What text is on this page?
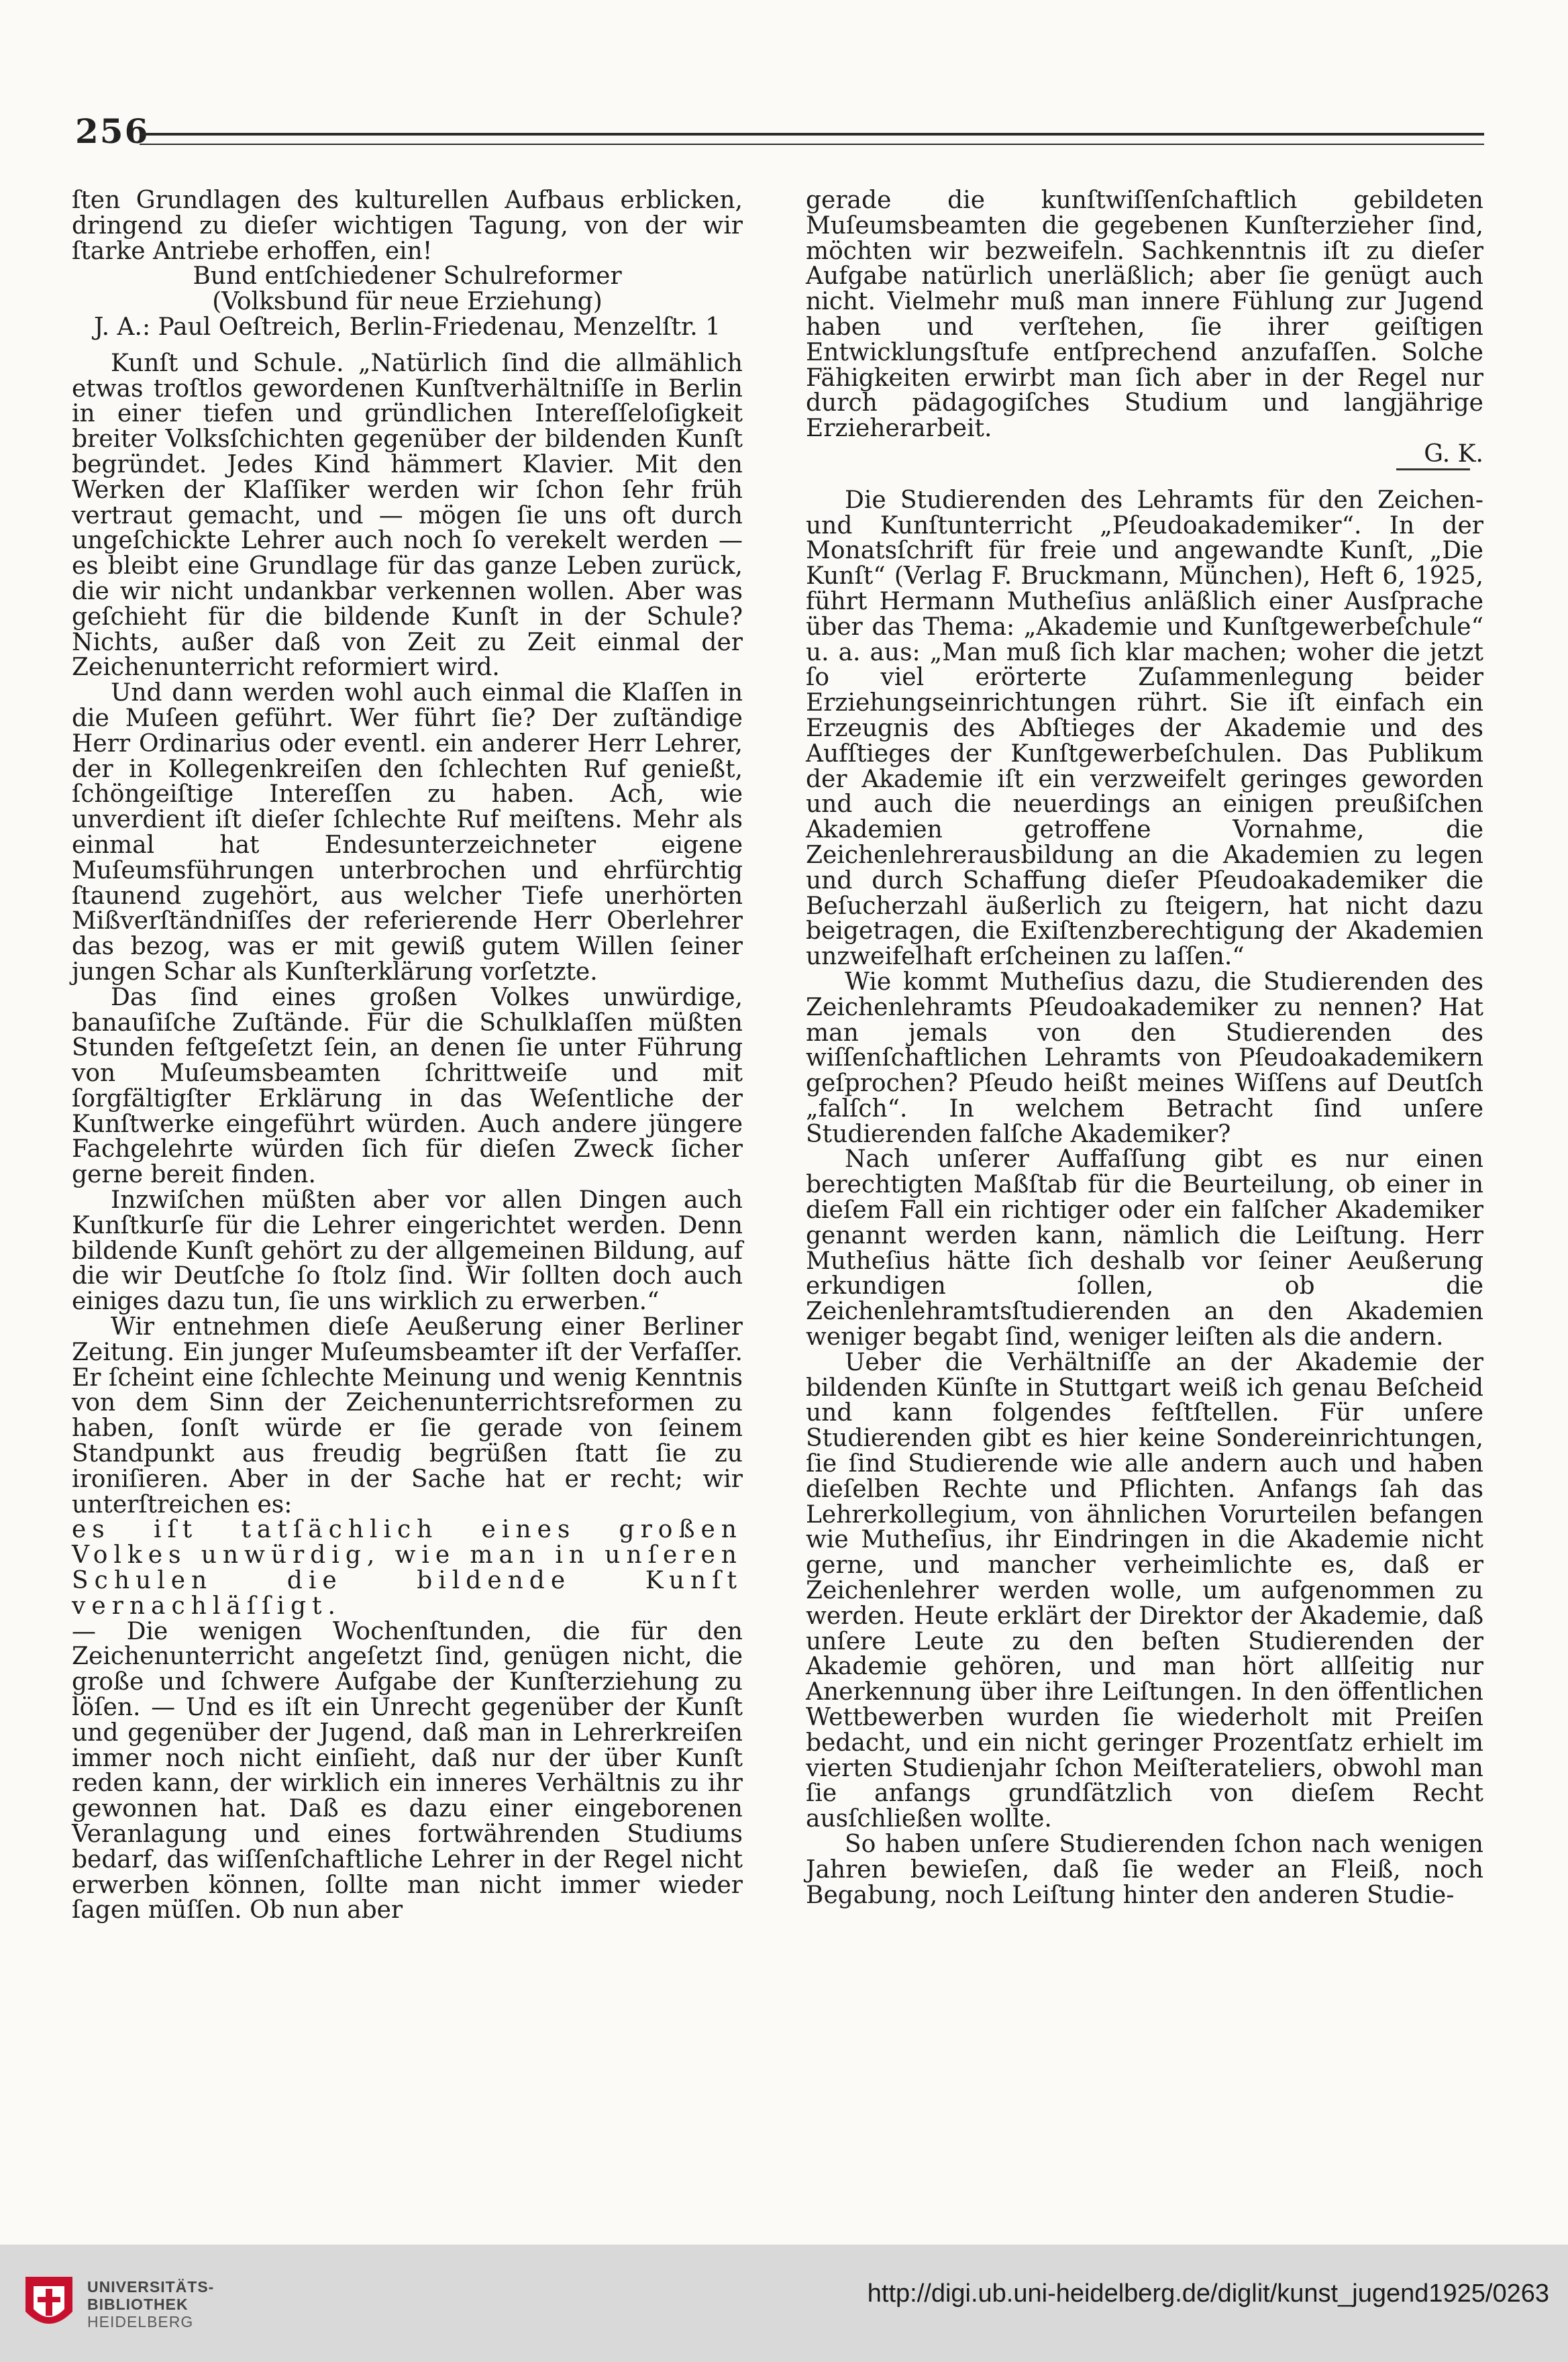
256

ſten Grundlagen des kulturellen Aufbaus erblicken, dringend zu dieſer wichtigen Tagung, von der wir ſtarke Antriebe erhoffen, ein!

Bund entſchiedener Schulreformer

(Volksbund für neue Erziehung)

J. A.: Paul Oeſtreich, Berlin-Friedenau, Menzelſtr. 1

Kunſt und Schule. „Natürlich ſind die allmählich etwas troſtlos gewordenen Kunſtverhältniſſe in Berlin in einer tiefen und gründlichen Intereſſeloſigkeit breiter Volksſchichten gegenüber der bildenden Kunſt begründet. Jedes Kind hämmert Klavier. Mit den Werken der Klaſſiker werden wir ſchon ſehr früh vertraut gemacht, und — mögen ſie uns oft durch ungeſchickte Lehrer auch noch ſo verekelt werden — es bleibt eine Grundlage für das ganze Leben zurück, die wir nicht undankbar verkennen wollen. Aber was geſchieht für die bildende Kunſt in der Schule? Nichts, außer daß von Zeit zu Zeit einmal der Zeichenunterricht reformiert wird.

Und dann werden wohl auch einmal die Klaſſen in die Muſeen geführt. Wer führt ſie? Der zuſtändige Herr Ordinarius oder eventl. ein anderer Herr Lehrer, der in Kollegenkreiſen den ſchlechten Ruf genießt, ſchöngeiſtige Intereſſen zu haben. Ach, wie unverdient iſt dieſer ſchlechte Ruf meiſtens. Mehr als einmal hat Endesunterzeichneter eigene Muſeumsführungen unterbrochen und ehrfürchtig ſtaunend zugehört, aus welcher Tiefe unerhörten Mißverſtändniſſes der referierende Herr Oberlehrer das bezog, was er mit gewiß gutem Willen ſeiner jungen Schar als Kunſterklärung vorſetzte.

Das ſind eines großen Volkes unwürdige, banauſiſche Zuſtände. Für die Schulklaſſen müßten Stunden feſtgeſetzt ſein, an denen ſie unter Führung von Muſeumsbeamten ſchrittweiſe und mit ſorgfältigſter Erklärung in das Weſentliche der Kunſtwerke eingeführt würden. Auch andere jüngere Fachgelehrte würden ſich für dieſen Zweck ſicher gerne bereit finden.

Inzwiſchen müßten aber vor allen Dingen auch Kunſtkurſe für die Lehrer eingerichtet werden. Denn bildende Kunſt gehört zu der allgemeinen Bildung, auf die wir Deutſche ſo ſtolz ſind. Wir ſollten doch auch einiges dazu tun, ſie uns wirklich zu erwerben.“

Wir entnehmen dieſe Aeußerung einer Berliner Zeitung. Ein junger Muſeumsbeamter iſt der Verfaſſer. Er ſcheint eine ſchlechte Meinung und wenig Kenntnis von dem Sinn der Zeichenunterrichtsreformen zu haben, ſonſt würde er ſie gerade von ſeinem Standpunkt aus freudig begrüßen ſtatt ſie zu ironiſieren. Aber in der Sache hat er recht; wir unterſtreichen es:

es iſt tatſächlich eines großen Volkes unwürdig, wie man in unſeren Schulen die bildende Kunſt vernachläſſigt.

— Die wenigen Wochenſtunden, die für den Zeichenunterricht angeſetzt ſind, genügen nicht, die große und ſchwere Aufgabe der Kunſterziehung zu löſen. — Und es iſt ein Unrecht gegenüber der Kunſt und gegenüber der Jugend, daß man in Lehrerkreiſen immer noch nicht einſieht, daß nur der über Kunſt reden kann, der wirklich ein inneres Verhältnis zu ihr gewonnen hat. Daß es dazu einer eingeborenen Veranlagung und eines fortwährenden Studiums bedarf, das wiſſenſchaftliche Lehrer in der Regel nicht erwerben können, ſollte man nicht immer wieder ſagen müſſen. Ob nun aber

gerade die kunſtwiſſenſchaftlich gebildeten Muſeumsbeamten die gegebenen Kunſterzieher ſind, möchten wir bezweifeln. Sachkenntnis iſt zu dieſer Aufgabe natürlich unerläßlich; aber ſie genügt auch nicht. Vielmehr muß man innere Fühlung zur Jugend haben und verſtehen, ſie ihrer geiſtigen Entwicklungsſtufe entſprechend anzufaſſen. Solche Fähigkeiten erwirbt man ſich aber in der Regel nur durch pädagogiſches Studium und langjährige Erzieherarbeit.

G. K.

Die Studierenden des Lehramts für den Zeichen- und Kunſtunterricht „Pſeudoakademiker“. In der Monatsſchrift für freie und angewandte Kunſt, „Die Kunſt“ (Verlag F. Bruckmann, München), Heft 6, 1925, führt Hermann Mutheſius anläßlich einer Ausſprache über das Thema: „Akademie und Kunſtgewerbeſchule“ u. a. aus: „Man muß ſich klar machen; woher die jetzt ſo viel erörterte Zuſammenlegung beider Erziehungseinrichtungen rührt. Sie iſt einfach ein Erzeugnis des Abſtieges der Akademie und des Aufſtieges der Kunſtgewerbeſchulen. Das Publikum der Akademie iſt ein verzweifelt geringes geworden und auch die neuerdings an einigen preußiſchen Akademien getroffene Vornahme, die Zeichenlehrerausbildung an die Akademien zu legen und durch Schaffung dieſer Pſeudoakademiker die Beſucherzahl äußerlich zu ſteigern, hat nicht dazu beigetragen, die Exiſtenzberechtigung der Akademien unzweifelhaft erſcheinen zu laſſen.“

Wie kommt Mutheſius dazu, die Studierenden des Zeichenlehramts Pſeudoakademiker zu nennen? Hat man jemals von den Studierenden des wiſſenſchaftlichen Lehramts von Pſeudoakademikern geſprochen? Pſeudo heißt meines Wiſſens auf Deutſch „falſch“. In welchem Betracht ſind unſere Studierenden falſche Akademiker?

Nach unſerer Auffaſſung gibt es nur einen berechtigten Maßſtab für die Beurteilung, ob einer in dieſem Fall ein richtiger oder ein falſcher Akademiker genannt werden kann, nämlich die Leiſtung. Herr Mutheſius hätte ſich deshalb vor ſeiner Aeußerung erkundigen ſollen, ob die Zeichenlehramtsſtudierenden an den Akademien weniger begabt ſind, weniger leiſten als die andern.

Ueber die Verhältniſſe an der Akademie der bildenden Künſte in Stuttgart weiß ich genau Beſcheid und kann folgendes feſtſtellen. Für unſere Studierenden gibt es hier keine Sondereinrichtungen, ſie ſind Studierende wie alle andern auch und haben dieſelben Rechte und Pflichten. Anfangs ſah das Lehrerkollegium, von ähnlichen Vorurteilen befangen wie Mutheſius, ihr Eindringen in die Akademie nicht gerne, und mancher verheimlichte es, daß er Zeichenlehrer werden wolle, um aufgenommen zu werden. Heute erklärt der Direktor der Akademie, daß unſere Leute zu den beſten Studierenden der Akademie gehören, und man hört allſeitig nur Anerkennung über ihre Leiſtungen. In den öffentlichen Wettbewerben wurden ſie wiederholt mit Preiſen bedacht, und ein nicht geringer Prozentſatz erhielt im vierten Studienjahr ſchon Meiſterateliers, obwohl man ſie anfangs grundſätzlich von dieſem Recht ausſchließen wollte.

So haben unſere Studierenden ſchon nach wenigen Jahren bewieſen, daß ſie weder an Fleiß, noch Begabung, noch Leiſtung hinter den anderen Studie-

UNIVERSITÄTS-
BIBLIOTHEK
HEIDELBERG
http://digi.ub.uni-heidelberg.de/diglit/kunst_jugend1925/0263
